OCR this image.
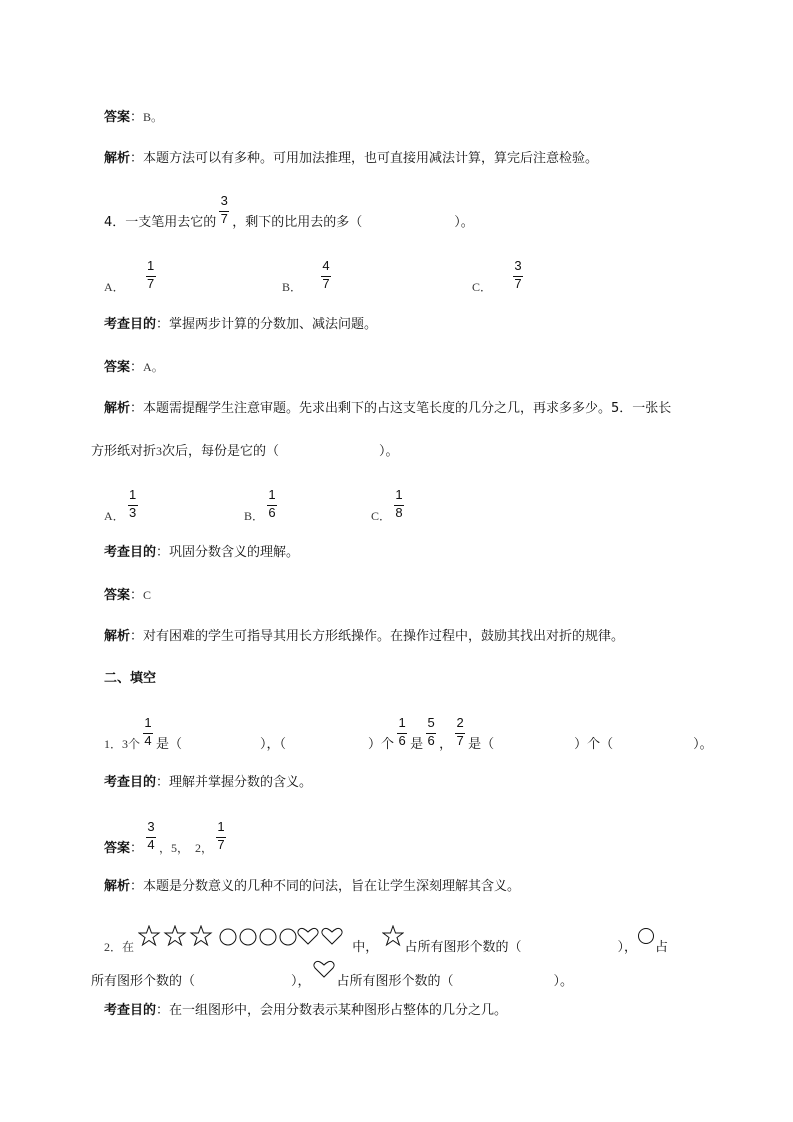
答案：B。
解析：本题方法可以有多种。可用加法推理，也可直接用减法计算，算完后注意检验。
4．一支笔用去它的 $\frac{3}{7}$ ，剩下的比用去的多（	）。
A． $\frac{1}{7}$	B． $\frac{4}{7}$	C． $\frac{3}{7}$
考查目的：掌握两步计算的分数加、减法问题。
答案：A。
解析：本题需提醒学生注意审题。先求出剩下的占这支笔长度的几分之几，再求多多少。5．一张长
方形纸对折3次后，每份是它的（	）。
A． $\frac{1}{3}$	B． $\frac{1}{6}$	C． $\frac{1}{8}$
考查目的：巩固分数含义的理解。
答案：C
解析：对有困难的学生可指导其用长方形纸操作。在操作过程中，鼓励其找出对折的规律。
二、填空
1．3个 $\frac{1}{4}$ 是（	），（	）个 $\frac{1}{6}$ 是 $\frac{5}{6}$ ， $\frac{2}{7}$ 是（	）个（	）。
考查目的：理解并掌握分数的含义。
答案： $\frac{3}{4}$ ，5，　2， $\frac{1}{7}$
解析：本题是分数意义的几种不同的问法，旨在让学生深刻理解其含义。
2．在	中， 占所有图形个数的（	）， 占
所有图形个数的（	）， 占所有图形个数的（	）。
考查目的：在一组图形中，会用分数表示某种图形占整体的几分之几。
